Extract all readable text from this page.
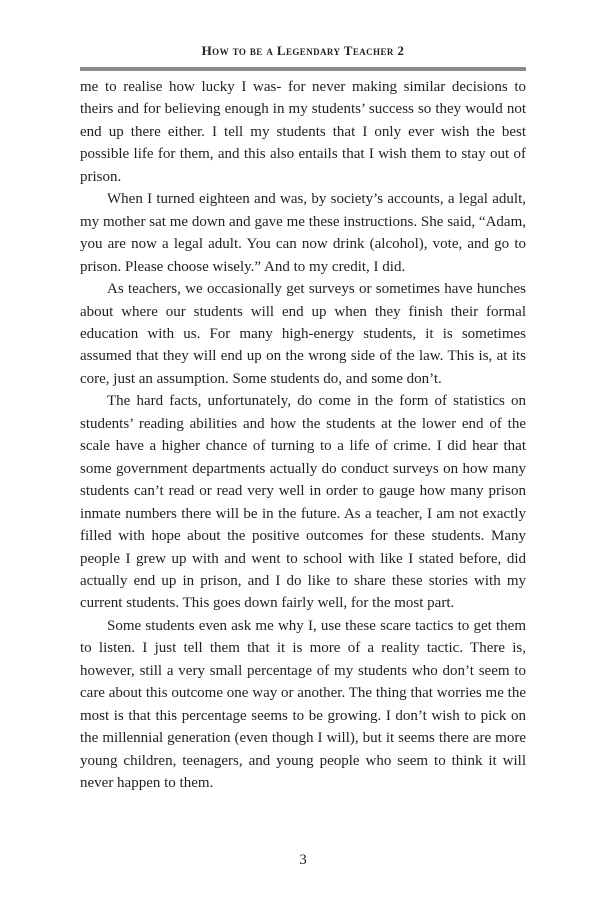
How to be a Legendary Teacher 2

me to realise how lucky I was- for never making similar decisions to theirs and for believing enough in my students’ success so they would not end up there either. I tell my students that I only ever wish the best possible life for them, and this also entails that I wish them to stay out of prison.

When I turned eighteen and was, by society’s accounts, a legal adult, my mother sat me down and gave me these instructions. She said, “Adam, you are now a legal adult. You can now drink (alcohol), vote, and go to prison. Please choose wisely.” And to my credit, I did.

As teachers, we occasionally get surveys or sometimes have hunches about where our students will end up when they finish their formal education with us. For many high-energy students, it is sometimes assumed that they will end up on the wrong side of the law. This is, at its core, just an assumption. Some students do, and some don’t.

The hard facts, unfortunately, do come in the form of statistics on students’ reading abilities and how the students at the lower end of the scale have a higher chance of turning to a life of crime. I did hear that some government departments actually do conduct surveys on how many students can’t read or read very well in order to gauge how many prison inmate numbers there will be in the future. As a teacher, I am not exactly filled with hope about the positive outcomes for these students. Many people I grew up with and went to school with like I stated before, did actually end up in prison, and I do like to share these stories with my current students. This goes down fairly well, for the most part.

Some students even ask me why I, use these scare tactics to get them to listen. I just tell them that it is more of a reality tactic. There is, however, still a very small percentage of my students who don’t seem to care about this outcome one way or another. The thing that worries me the most is that this percentage seems to be growing. I don’t wish to pick on the millennial generation (even though I will), but it seems there are more young children, teenagers, and young people who seem to think it will never happen to them.

3
